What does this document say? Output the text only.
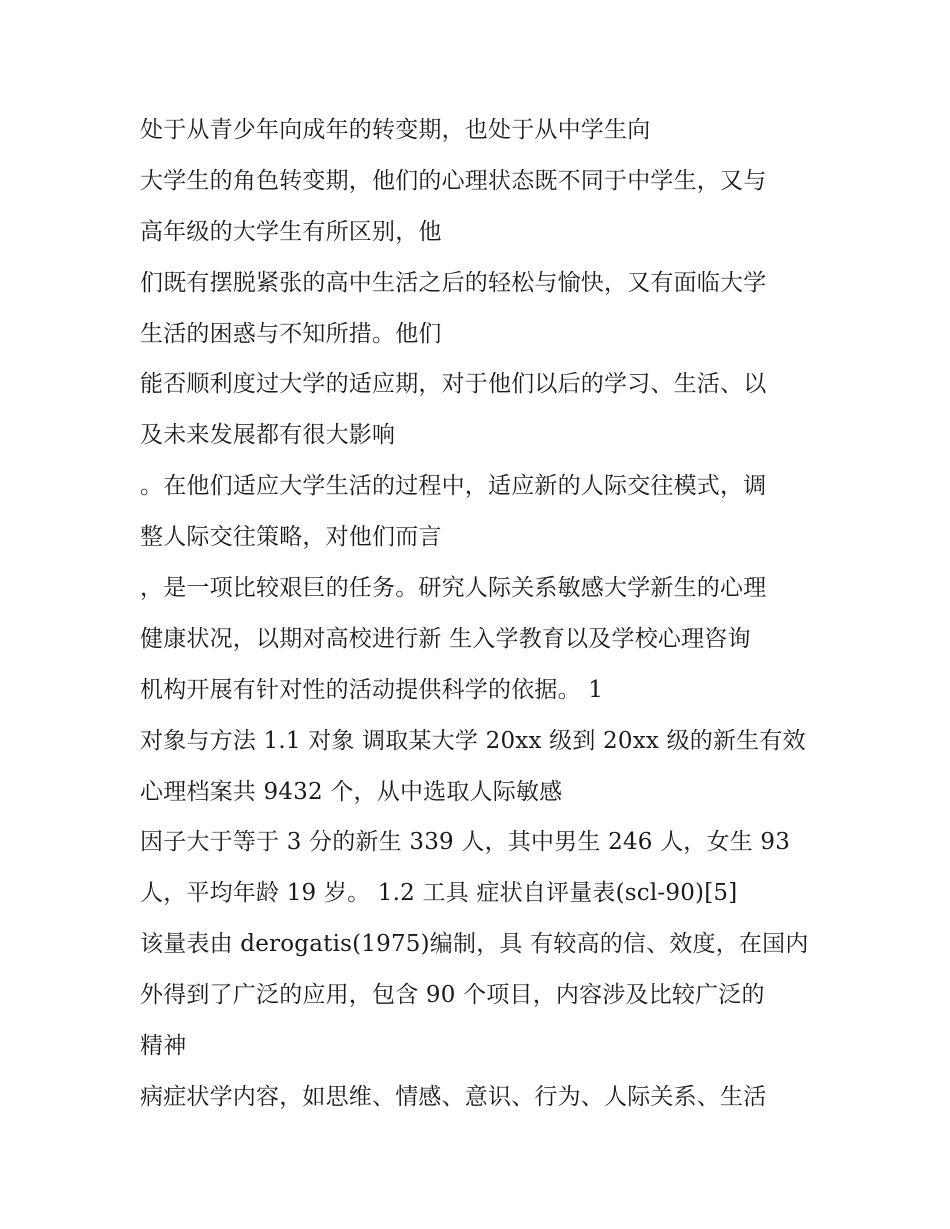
处于从青少年向成年的转变期，也处于从中学生向
大学生的角色转变期，他们的心理状态既不同于中学生，又与
高年级的大学生有所区别，他
们既有摆脱紧张的高中生活之后的轻松与愉快，又有面临大学
生活的困惑与不知所措。他们
能否顺利度过大学的适应期，对于他们以后的学习、生活、以
及未来发展都有很大影响
。在他们适应大学生活的过程中，适应新的人际交往模式，调
整人际交往策略，对他们而言
，是一项比较艰巨的任务。研究人际关系敏感大学新生的心理
健康状况，以期对高校进行新 生入学教育以及学校心理咨询
机构开展有针对性的活动提供科学的依据。 1
对象与方法 1.1 对象 调取某大学 20xx 级到 20xx 级的新生有效
心理档案共 9432 个，从中选取人际敏感
因子大于等于 3 分的新生 339 人，其中男生 246 人，女生 93
人，平均年龄 19 岁。 1.2 工具 症状自评量表(scl-90)[5]
该量表由 derogatis(1975)编制，具 有较高的信、效度，在国内
外得到了广泛的应用，包含 90 个项目，内容涉及比较广泛的
精神
病症状学内容，如思维、情感、意识、行为、人际关系、生活
